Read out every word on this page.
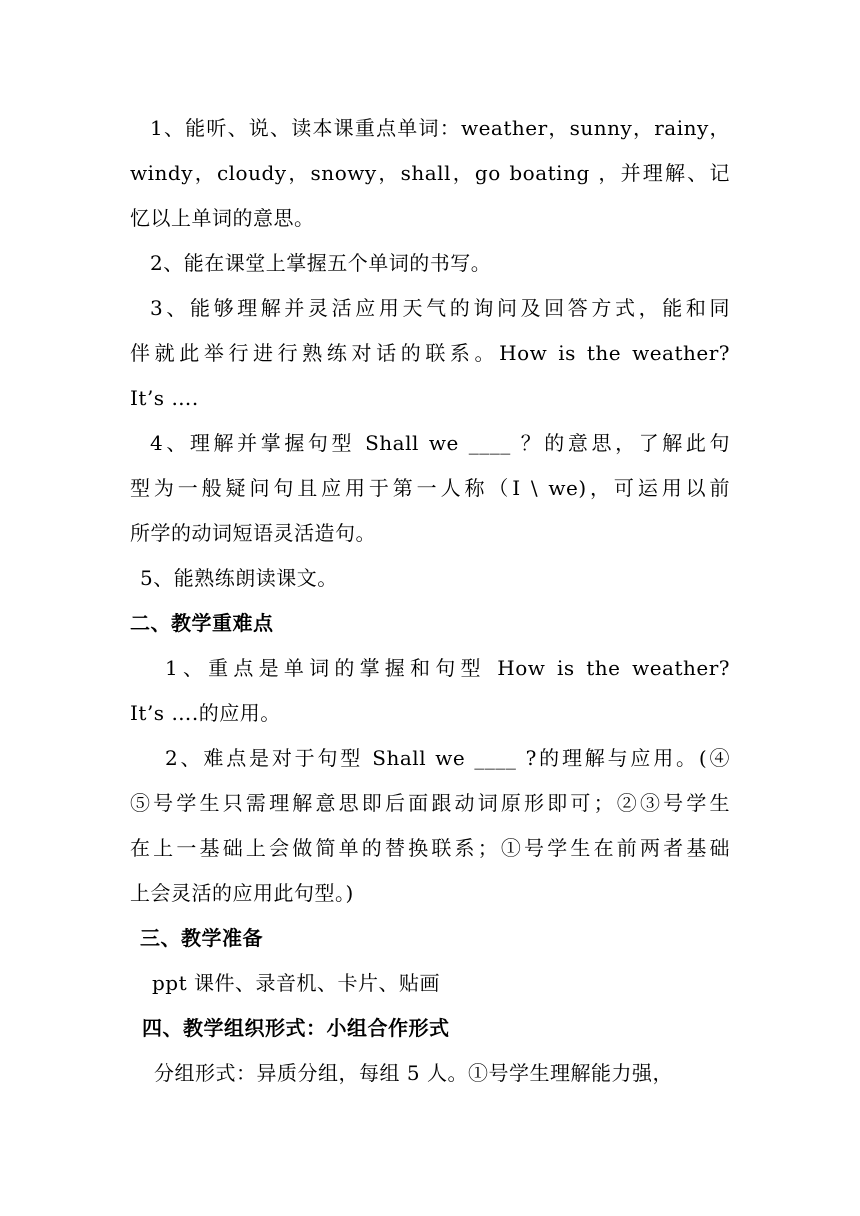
1、能听、说、读本课重点单词：weather，sunny，rainy，
windy，cloudy，snowy，shall，go boating ，并理解、记
忆以上单词的意思。
2、能在课堂上掌握五个单词的书写。
3、能够理解并灵活应用天气的询问及回答方式，能和同
伴就此举行进行熟练对话的联系。How is the weather?
It’s ….
4、理解并掌握句型 Shall we ____ ？的意思，了解此句
型为一般疑问句且应用于第一人称（I \ we)，可运用以前
所学的动词短语灵活造句。
5、能熟练朗读课文。
二、教学重难点
1、重点是单词的掌握和句型 How is the weather?
It’s ….的应用。
2、难点是对于句型 Shall we ____ ?的理解与应用。(④
⑤号学生只需理解意思即后面跟动词原形即可；②③号学生
在上一基础上会做简单的替换联系；①号学生在前两者基础
上会灵活的应用此句型。)
三、教学准备
ppt 课件、录音机、卡片、贴画
四、教学组织形式：小组合作形式
分组形式：异质分组，每组 5 人。①号学生理解能力强，
